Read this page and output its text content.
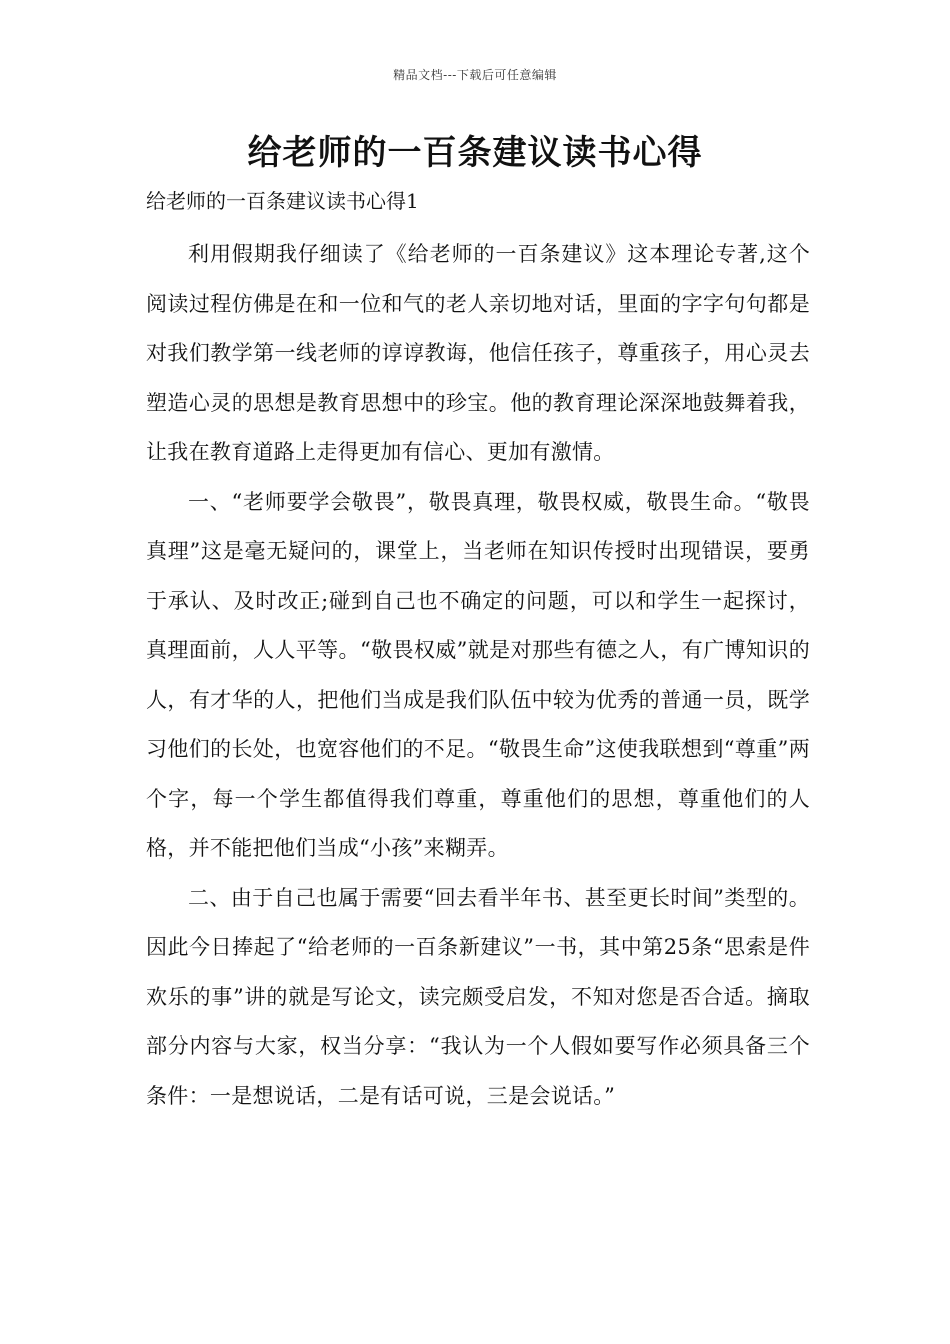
精品文档---下载后可任意编辑
给老师的一百条建议读书心得

给老师的一百条建议读书心得1

利用假期我仔细读了《给老师的一百条建议》这本理论专著,这个阅读过程仿佛是在和一位和气的老人亲切地对话，里面的字字句句都是对我们教学第一线老师的谆谆教诲，他信任孩子，尊重孩子，用心灵去塑造心灵的思想是教育思想中的珍宝。他的教育理论深深地鼓舞着我，让我在教育道路上走得更加有信心、更加有激情。

一、“老师要学会敬畏”，敬畏真理，敬畏权威，敬畏生命。“敬畏真理”这是毫无疑问的，课堂上，当老师在知识传授时出现错误，要勇于承认、及时改正;碰到自己也不确定的问题，可以和学生一起探讨，真理面前，人人平等。“敬畏权威”就是对那些有德之人，有广博知识的人，有才华的人，把他们当成是我们队伍中较为优秀的普通一员，既学习他们的长处，也宽容他们的不足。“敬畏生命”这使我联想到“尊重”两个字，每一个学生都值得我们尊重，尊重他们的思想，尊重他们的人格，并不能把他们当成“小孩”来糊弄。

二、由于自己也属于需要“回去看半年书、甚至更长时间”类型的。因此今日捧起了“给老师的一百条新建议”一书，其中第25条“思索是件欢乐的事”讲的就是写论文，读完颇受启发，不知对您是否合适。摘取部分内容与大家，权当分享：“我认为一个人假如要写作必须具备三个条件：一是想说话，二是有话可说，三是会说话。”
